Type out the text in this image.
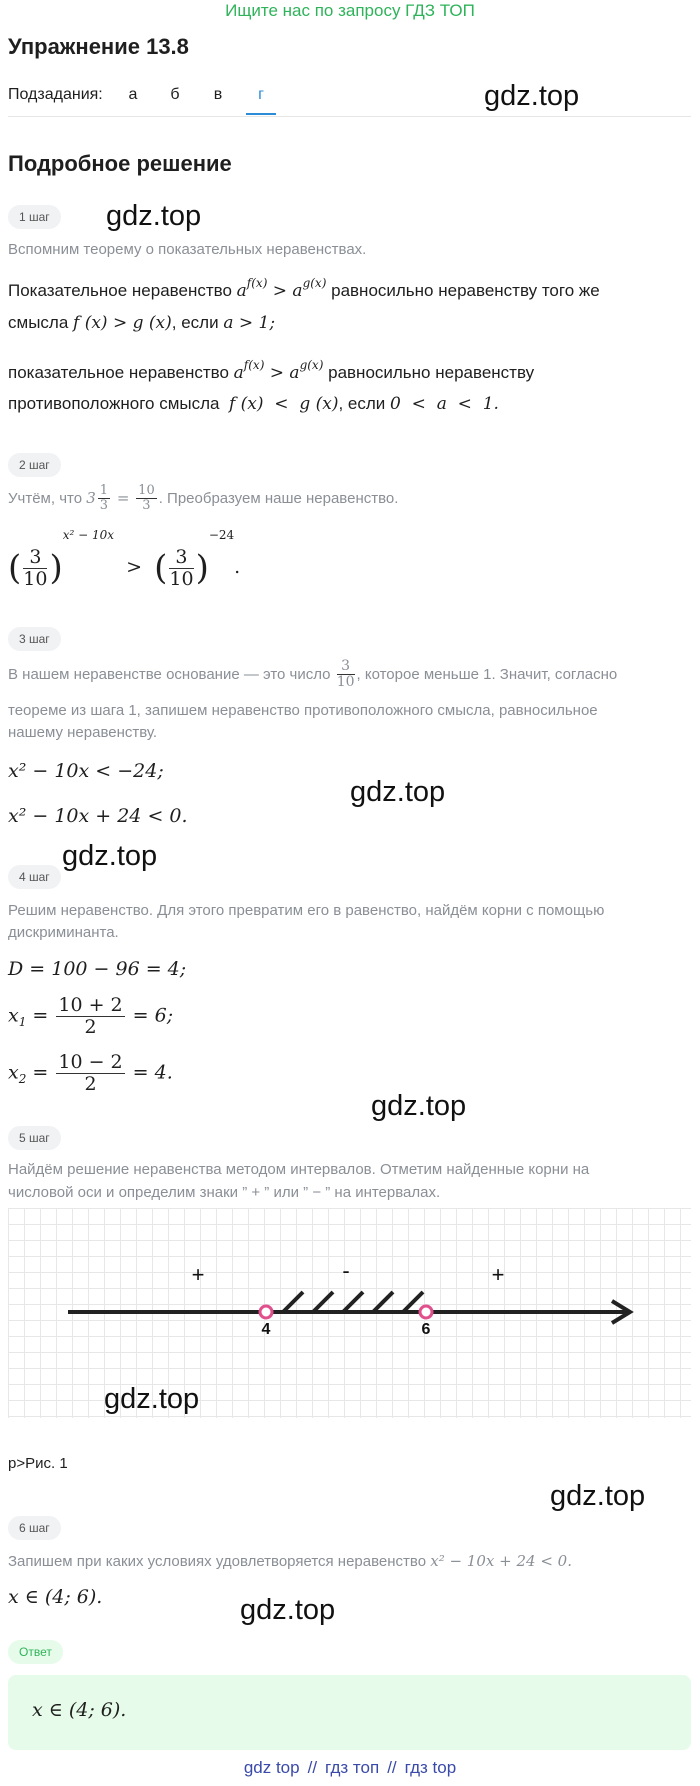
Ищите нас по запросу ГДЗ ТОП
Упражнение 13.8
Подзадания:	а	б	в	г	gdz.top
Подробное решение
1 шаг	gdz.top
Вспомним теорему о показательных неравенствах.
Показательное неравенство $a^{f(x)} > a^{g(x)}$ равносильно неравенству того же
смысла f (x) > g (x), если a > 1;
показательное неравенство $a^{f(x)} > a^{g(x)}$ равносильно неравенству
противоположного смысла f (x)  <  g (x), если 0  <  a  <  1.
2 шаг
Учтём, что $3 \frac{1}{3} = \frac{10}{3}$ . Преобразуем наше неравенство.
( $\frac{3}{10} )^{x^2 - 10x}$  >  ( $\frac{3}{10} )^{-24}$.
3 шаг
В нашем неравенстве основание — это число $\frac{3}{10}$ , которое меньше 1. Значит, согласно
теореме из шага 1, запишем неравенство противоположного смысла, равносильное
нашему неравенству.
x² − 10x < −24;
x² − 10x + 24 < 0.
gdz.top
gdz.top
4 шаг
Решим неравенство. Для этого превратим его в равенство, найдём корни с помощью
дискриминанта.
D = 100 − 96 = 4;
$x_1 = \frac{10 + 2}{2} = 6$;
$x_2 = \frac{10 - 2}{2} = 4$.
gdz.top
5 шаг
Найдём решение неравенства методом интервалов. Отметим найденные корни на
числовой оси и определим знаки ” + ” или ” − ” на интервалах.
4	6
+	-	+
gdz.top
р>Рис. 1
gdz.top
6 шаг
Запишем при каких условиях удовлетворяется неравенство x² − 10x + 24 < 0.
x ∈ (4; 6).	gdz.top
Ответ
x ∈ (4; 6).
gdz top // гдз топ // гдз top
